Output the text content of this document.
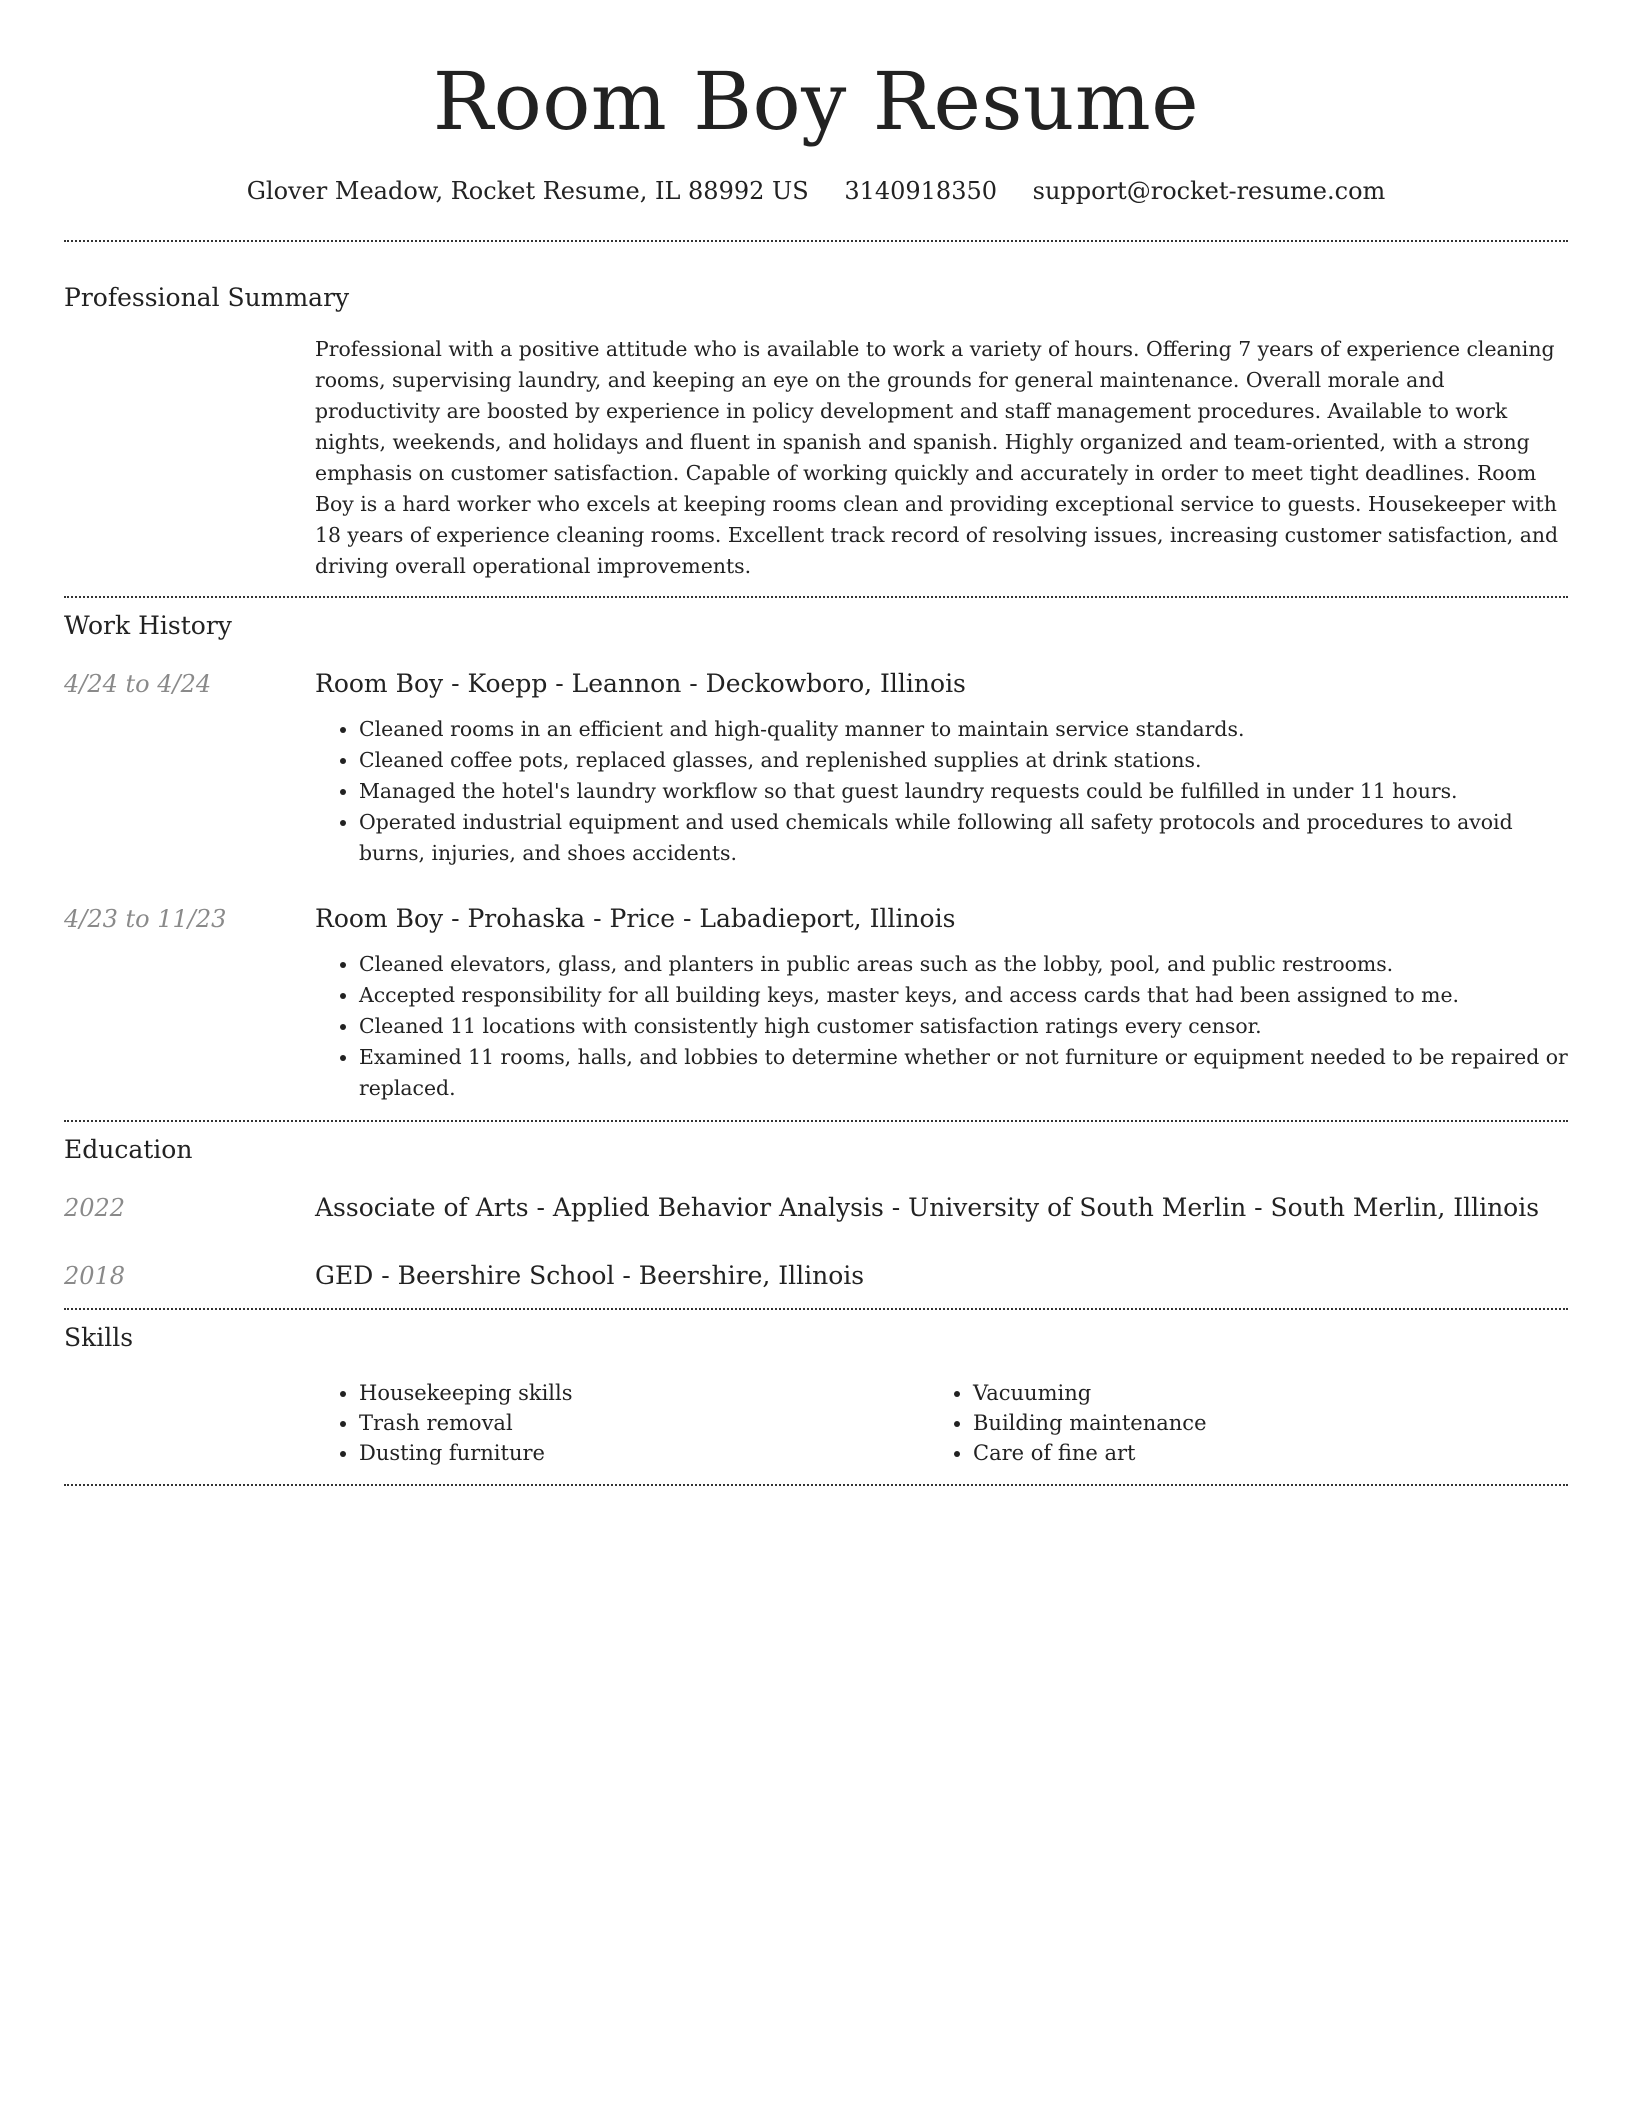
Room Boy Resume
Glover Meadow, Rocket Resume, IL 88992 US 3140918350 support@rocket-resume.com
Professional Summary
Professional with a positive attitude who is available to work a variety of hours. Offering 7 years of experience cleaning rooms, supervising laundry, and keeping an eye on the grounds for general maintenance. Overall morale and productivity are boosted by experience in policy development and staff management procedures. Available to work nights, weekends, and holidays and fluent in spanish and spanish. Highly organized and team-oriented, with a strong emphasis on customer satisfaction. Capable of working quickly and accurately in order to meet tight deadlines. Room Boy is a hard worker who excels at keeping rooms clean and providing exceptional service to guests. Housekeeper with 18 years of experience cleaning rooms. Excellent track record of resolving issues, increasing customer satisfaction, and driving overall operational improvements.
Work History
4/24 to 4/24	Room Boy - Koepp - Leannon - Deckowboro, Illinois
• Cleaned rooms in an efficient and high-quality manner to maintain service standards.
• Cleaned coffee pots, replaced glasses, and replenished supplies at drink stations.
• Managed the hotel's laundry workflow so that guest laundry requests could be fulfilled in under 11 hours.
• Operated industrial equipment and used chemicals while following all safety protocols and procedures to avoid burns, injuries, and shoes accidents.
4/23 to 11/23	Room Boy - Prohaska - Price - Labadieport, Illinois
• Cleaned elevators, glass, and planters in public areas such as the lobby, pool, and public restrooms.
• Accepted responsibility for all building keys, master keys, and access cards that had been assigned to me.
• Cleaned 11 locations with consistently high customer satisfaction ratings every censor.
• Examined 11 rooms, halls, and lobbies to determine whether or not furniture or equipment needed to be repaired or replaced.
Education
2022	Associate of Arts - Applied Behavior Analysis - University of South Merlin - South Merlin, Illinois
2018	GED - Beershire School - Beershire, Illinois
Skills
• Housekeeping skills
• Trash removal
• Dusting furniture
• Vacuuming
• Building maintenance
• Care of fine art
